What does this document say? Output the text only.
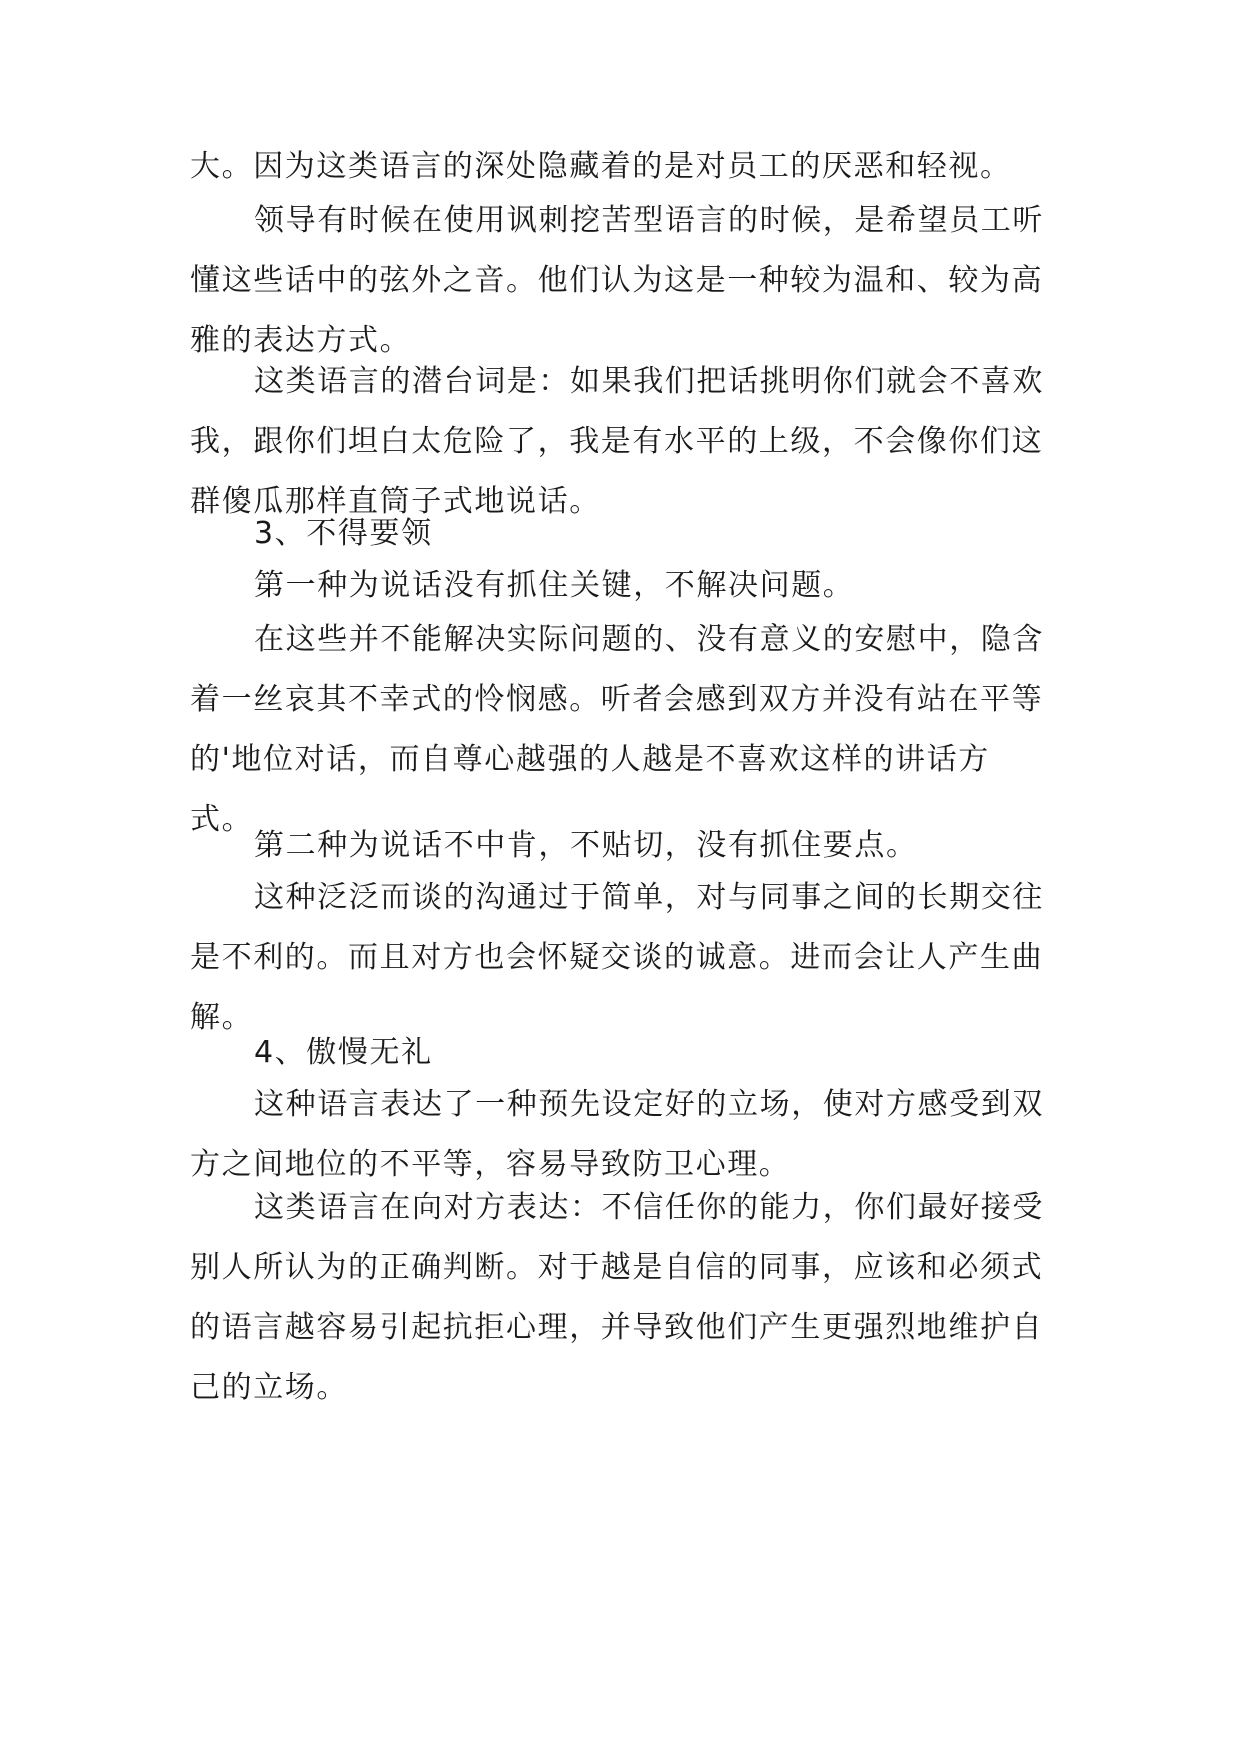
大。因为这类语言的深处隐藏着的是对员工的厌恶和轻视。

领导有时候在使用讽刺挖苦型语言的时候，是希望员工听懂这些话中的弦外之音。他们认为这是一种较为温和、较为高雅的表达方式。

这类语言的潜台词是：如果我们把话挑明你们就会不喜欢我，跟你们坦白太危险了，我是有水平的上级，不会像你们这群傻瓜那样直筒子式地说话。

3、不得要领

第一种为说话没有抓住关键，不解决问题。

在这些并不能解决实际问题的、没有意义的安慰中，隐含着一丝哀其不幸式的怜悯感。听者会感到双方并没有站在平等的'地位对话，而自尊心越强的人越是不喜欢这样的讲话方式。

第二种为说话不中肯，不贴切，没有抓住要点。

这种泛泛而谈的沟通过于简单，对与同事之间的长期交往是不利的。而且对方也会怀疑交谈的诚意。进而会让人产生曲解。

4、傲慢无礼

这种语言表达了一种预先设定好的立场，使对方感受到双方之间地位的不平等，容易导致防卫心理。

这类语言在向对方表达：不信任你的能力，你们最好接受别人所认为的正确判断。对于越是自信的同事，应该和必须式的语言越容易引起抗拒心理，并导致他们产生更强烈地维护自己的立场。
